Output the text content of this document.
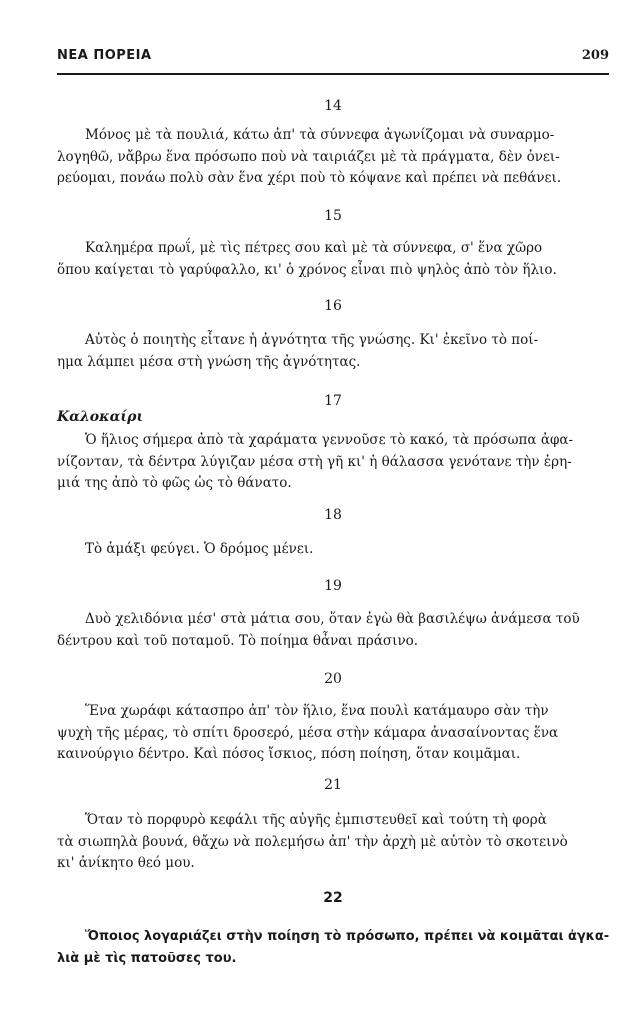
ΝΕΑ ΠΟΡΕΙΑ	209
14
Μόνος μὲ τὰ πουλιά, κάτω ἀπ' τὰ σύννεφα ἀγωνίζομαι νὰ συναρμο-
λογηθῶ, νἄβρω ἕνα πρόσωπο ποὺ νὰ ταιριάζει μὲ τὰ πράγματα, δὲν ὀνει-
ρεύομαι, πονάω πολὺ σὰν ἕνα χέρι ποὺ τὸ κόψανε καὶ πρέπει νὰ πεθάνει.
15
Καλημέρα πρωΐ, μὲ τὶς πέτρες σου καὶ μὲ τὰ σύννεφα, σ' ἕνα χῶρο
ὅπου καίγεται τὸ γαρύφαλλο, κι' ὁ χρόνος εἶναι πιὸ ψηλὸς ἀπὸ τὸν ἥλιο.
16
Αὐτὸς ὁ ποιητὴς εἶτανε ἡ ἀγνότητα τῆς γνώσης. Κι' ἐκεῖνο τὸ ποί-
ημα λάμπει μέσα στὴ γνώση τῆς ἀγνότητας.
17
Καλοκαίρι
Ὁ ἥλιος σήμερα ἀπὸ τὰ χαράματα γεννοῦσε τὸ κακό, τὰ πρόσωπα ἀφα-
νίζονταν, τὰ δέντρα λύγιζαν μέσα στὴ γῆ κι' ἡ θάλασσα γενότανε τὴν ἐρη-
μιά της ἀπὸ τὸ φῶς ὡς τὸ θάνατο.
18
Τὸ ἁμάξι φεύγει. Ὁ δρόμος μένει.
19
Δυὸ χελιδόνια μέσ' στὰ μάτια σου, ὅταν ἐγὼ θὰ βασιλέψω ἀνάμεσα τοῦ
δέντρου καὶ τοῦ ποταμοῦ. Τὸ ποίημα θἆναι πράσινο.
20
Ἕνα χωράφι κάτασπρο ἀπ' τὸν ἥλιο, ἕνα πουλὶ κατάμαυρο σὰν τὴν
ψυχὴ τῆς μέρας, τὸ σπίτι δροσερό, μέσα στὴν κάμαρα ἀνασαίνοντας ἕνα
καινούργιο δέντρο. Καὶ πόσος ἴσκιος, πόση ποίηση, ὅταν κοιμᾶμαι.
21
Ὅταν τὸ πορφυρὸ κεφάλι τῆς αὐγῆς ἐμπιστευθεῖ καὶ τούτη τὴ φορὰ
τὰ σιωπηλὰ βουνά, θἄχω νὰ πολεμήσω ἀπ' τὴν ἀρχὴ μὲ αὐτὸν τὸ σκοτεινὸ
κι' ἀνίκητο θεό μου.
22
Ὅποιος λογαριάζει στὴν ποίηση τὸ πρόσωπο, πρέπει νὰ κοιμᾶται ἀγκα-
λιὰ μὲ τὶς πατοῦσες του.
